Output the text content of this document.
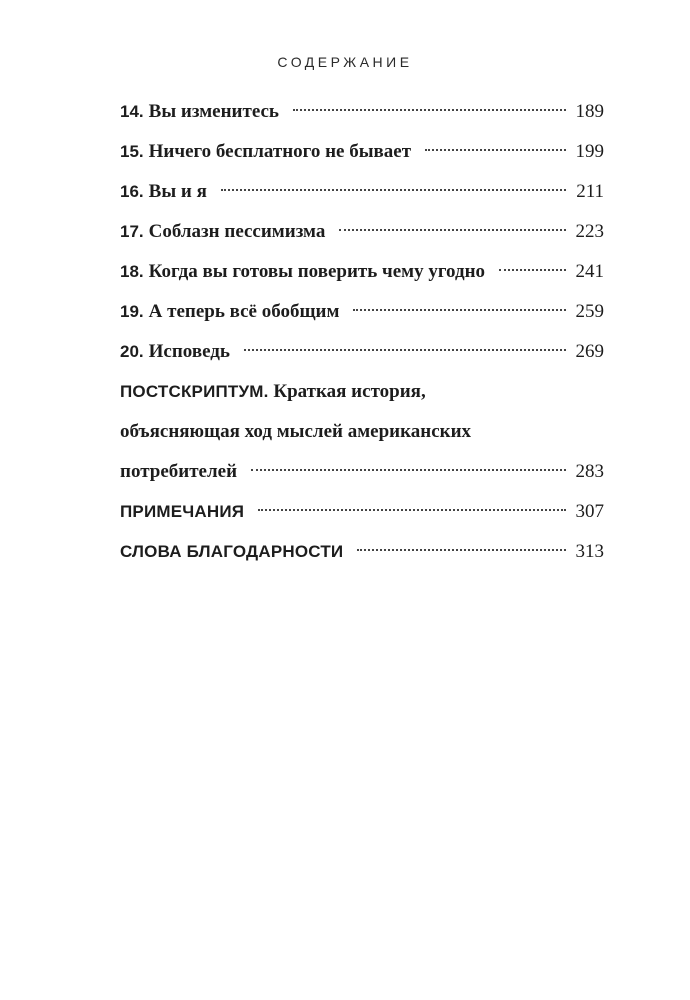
СОДЕРЖАНИЕ
14. Вы изменитесь	189
15. Ничего бесплатного не бывает	199
16. Вы и я	211
17. Соблазн пессимизма	223
18. Когда вы готовы поверить чему угодно	241
19. А теперь всё обобщим	259
20. Исповедь	269
ПОСТСКРИПТУМ. Краткая история,
объясняющая ход мыслей американских
потребителей	283
ПРИМЕЧАНИЯ	307
СЛОВА БЛАГОДАРНОСТИ	313
